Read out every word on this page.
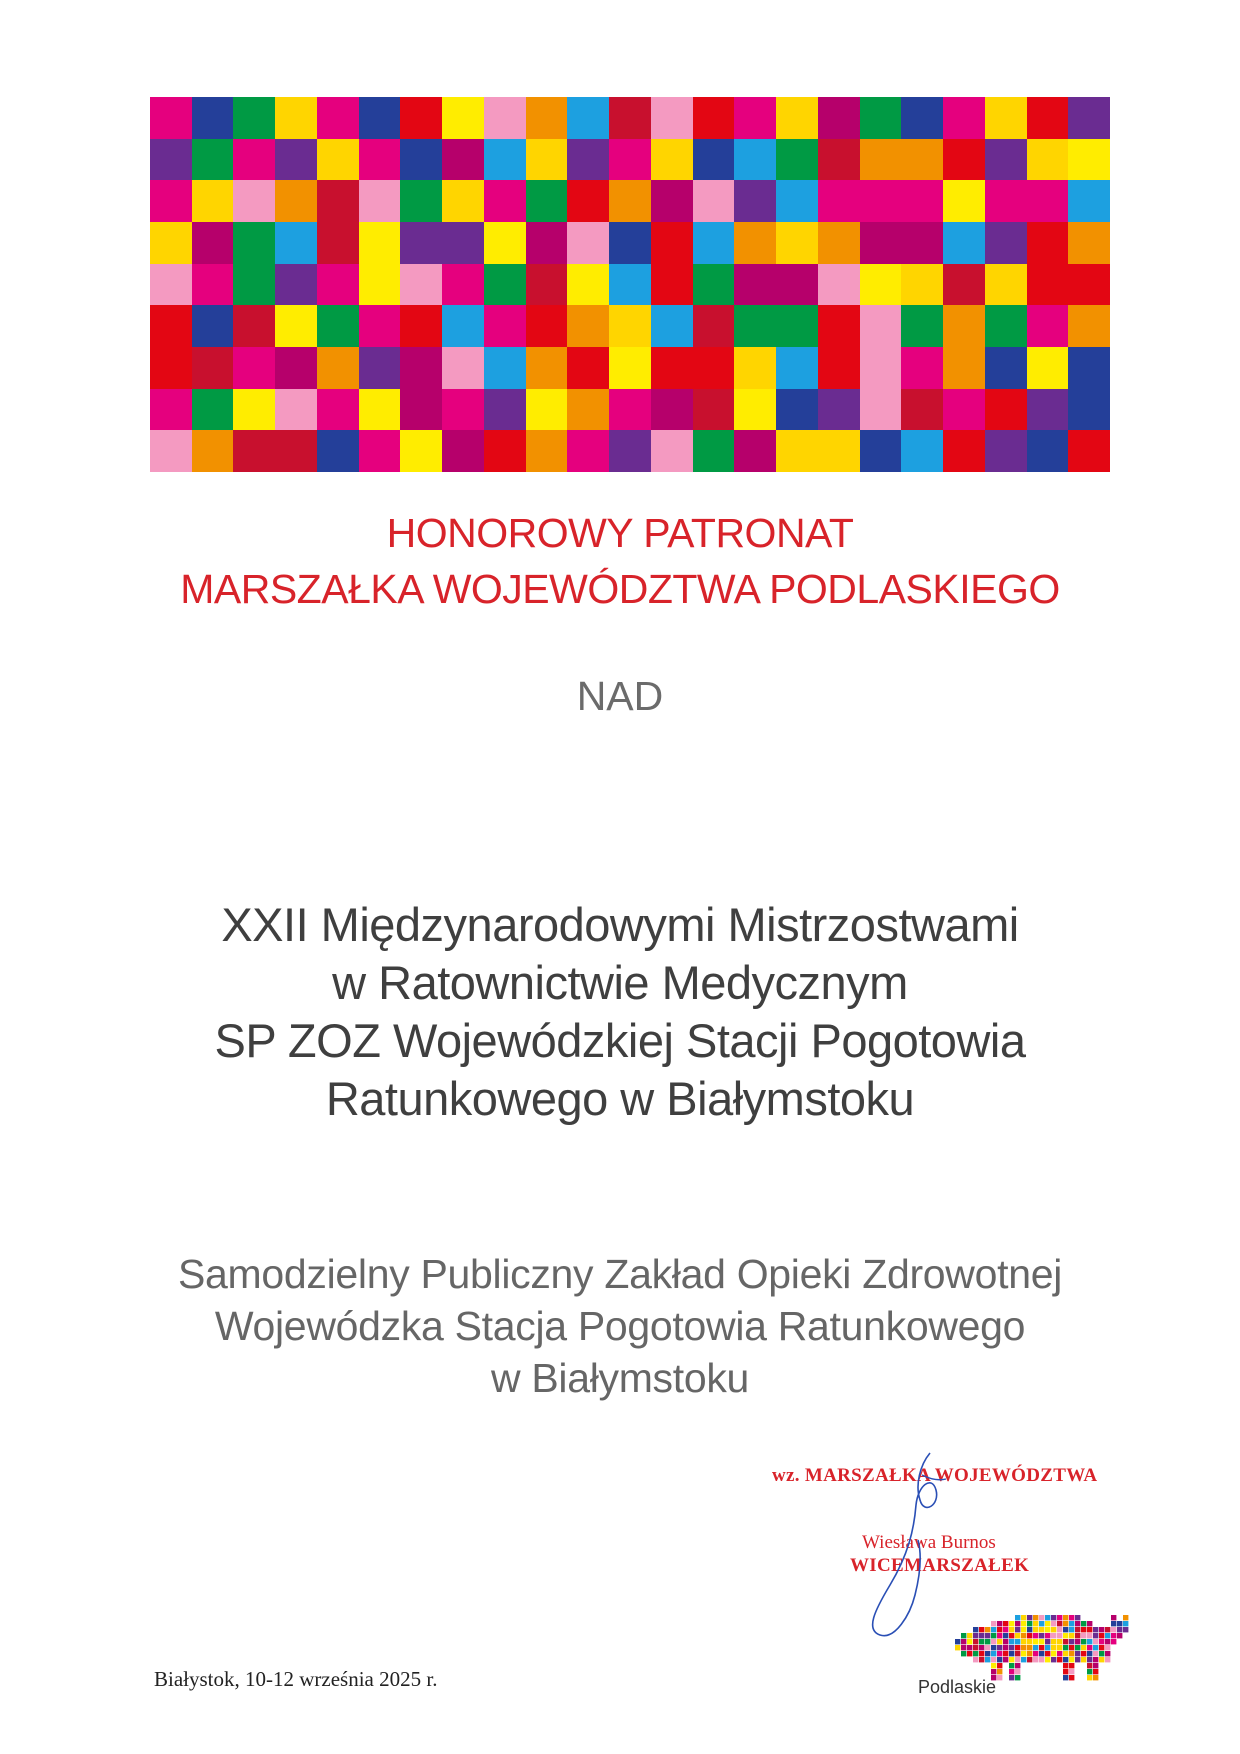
HONOROWY PATRONAT
MARSZAŁKA WOJEWÓDZTWA PODLASKIEGO
NAD
XXII Międzynarodowymi Mistrzostwami
w Ratownictwie Medycznym
SP ZOZ Wojewódzkiej Stacji Pogotowia
Ratunkowego w Białymstoku
Samodzielny Publiczny Zakład Opieki Zdrowotnej
Wojewódzka Stacja Pogotowia Ratunkowego
w Białymstoku
wz. MARSZAŁKA WOJEWÓDZTWA
Wiesława Burnos
WICEMARSZAŁEK
Białystok, 10-12 września 2025 r.	Podlaskie
